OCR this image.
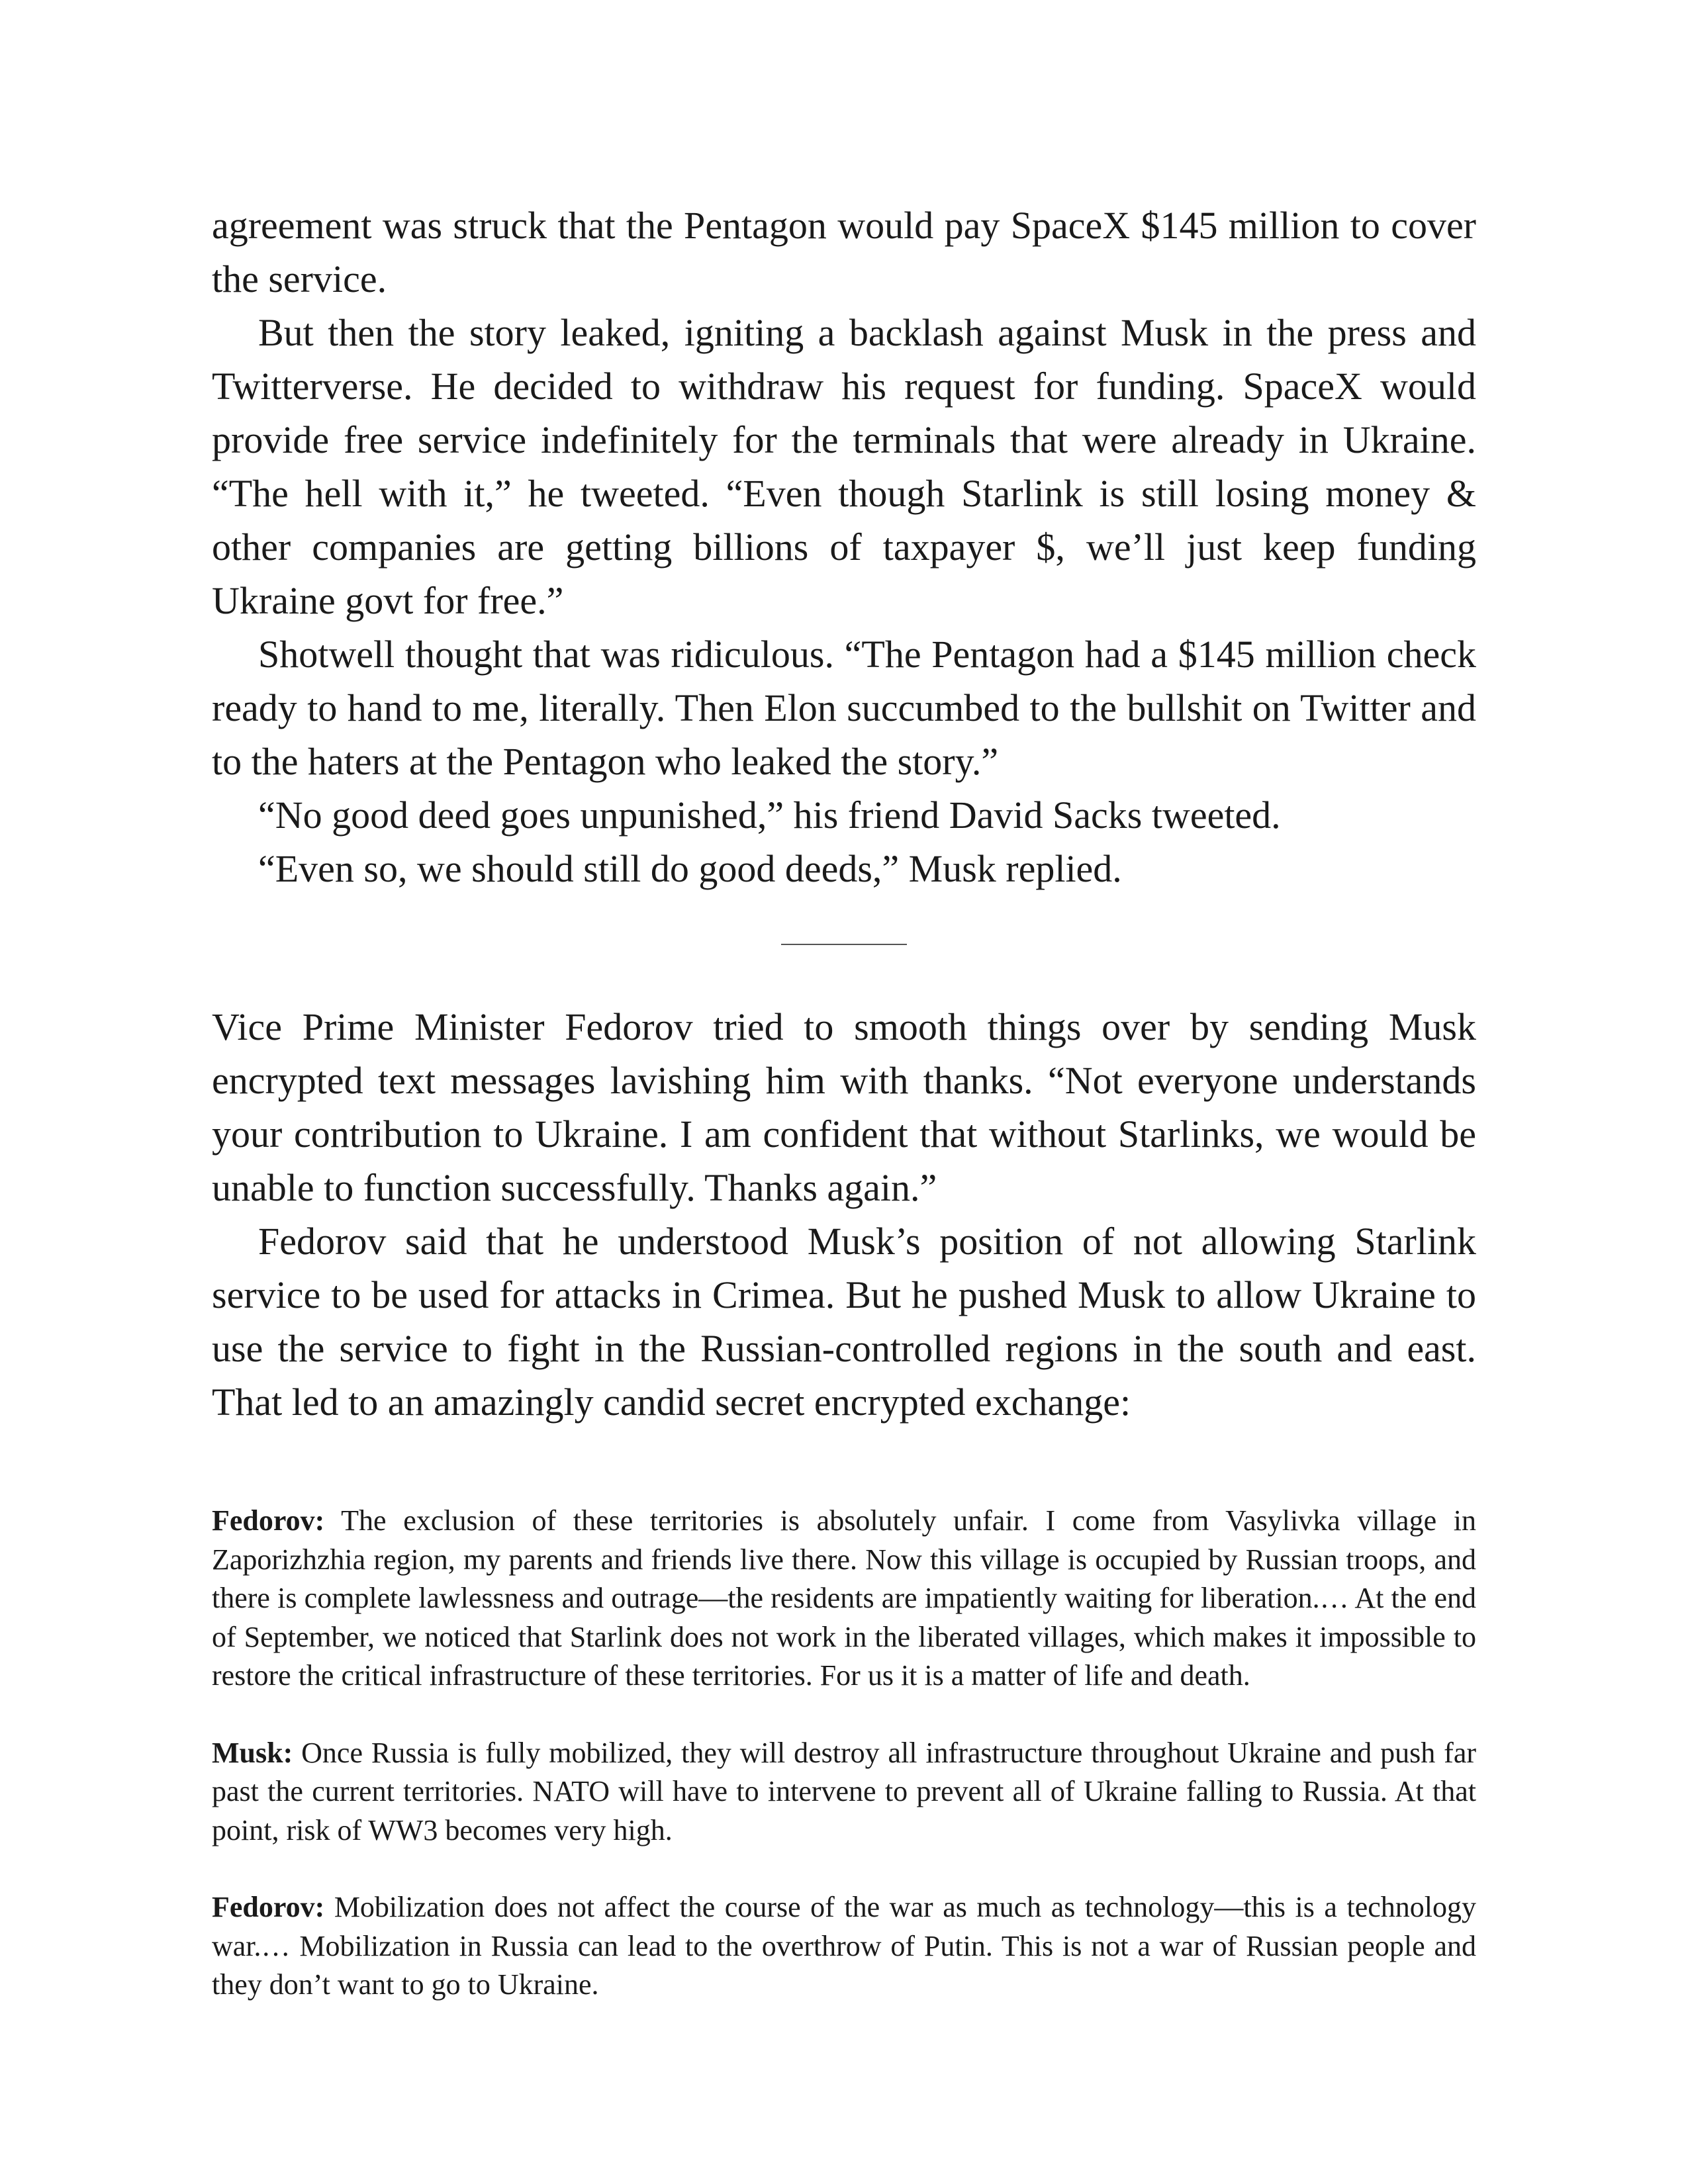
agreement was struck that the Pentagon would pay SpaceX $145 million to cover the service.

But then the story leaked, igniting a backlash against Musk in the press and Twitterverse. He decided to withdraw his request for funding. SpaceX would provide free service indefinitely for the terminals that were already in Ukraine. “The hell with it,” he tweeted. “Even though Starlink is still losing money & other companies are getting billions of taxpayer $, we’ll just keep funding Ukraine govt for free.”

Shotwell thought that was ridiculous. “The Pentagon had a $145 million check ready to hand to me, literally. Then Elon succumbed to the bullshit on Twitter and to the haters at the Pentagon who leaked the story.”

“No good deed goes unpunished,” his friend David Sacks tweeted.

“Even so, we should still do good deeds,” Musk replied.

Vice Prime Minister Fedorov tried to smooth things over by sending Musk encrypted text messages lavishing him with thanks. “Not everyone understands your contribution to Ukraine. I am confident that without Starlinks, we would be unable to function successfully. Thanks again.”

Fedorov said that he understood Musk’s position of not allowing Starlink service to be used for attacks in Crimea. But he pushed Musk to allow Ukraine to use the service to fight in the Russian-controlled regions in the south and east. That led to an amazingly candid secret encrypted exchange:

Fedorov: The exclusion of these territories is absolutely unfair. I come from Vasylivka village in Zaporizhzhia region, my parents and friends live there. Now this village is occupied by Russian troops, and there is complete lawlessness and outrage—the residents are impatiently waiting for liberation.… At the end of September, we noticed that Starlink does not work in the liberated villages, which makes it impossible to restore the critical infrastructure of these territories. For us it is a matter of life and death.

Musk: Once Russia is fully mobilized, they will destroy all infrastructure throughout Ukraine and push far past the current territories. NATO will have to intervene to prevent all of Ukraine falling to Russia. At that point, risk of WW3 becomes very high.

Fedorov: Mobilization does not affect the course of the war as much as technology—this is a technology war.… Mobilization in Russia can lead to the overthrow of Putin. This is not a war of Russian people and they don’t want to go to Ukraine.
